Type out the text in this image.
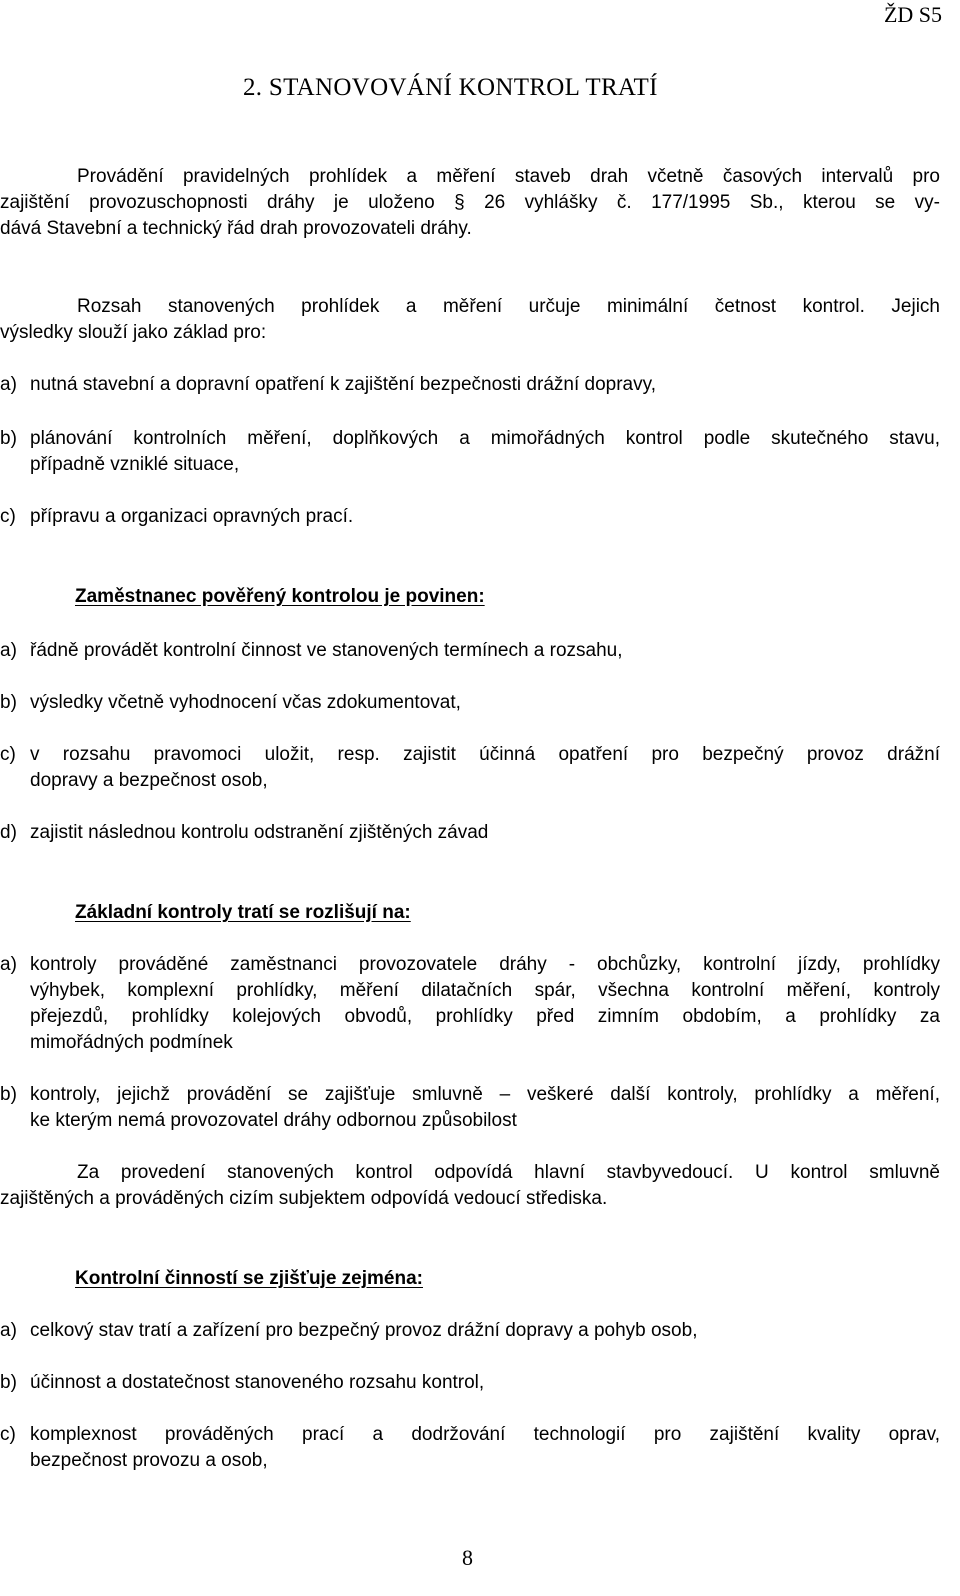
ŽD S5
2. STANOVOVÁNÍ KONTROL TRATÍ
Provádění pravidelných prohlídek a měření staveb drah včetně časových intervalů pro
zajištění provozuschopnosti dráhy je uloženo § 26 vyhlášky č. 177/1995 Sb., kterou se vy-
dává Stavební a technický řád drah provozovateli dráhy.
Rozsah stanovených prohlídek a měření určuje minimální četnost kontrol. Jejich
výsledky slouží jako základ pro:
a) nutná stavební a dopravní opatření k zajištění bezpečnosti drážní dopravy,
b) plánování kontrolních měření, doplňkových a mimořádných kontrol podle skutečného stavu,
případně vzniklé situace,
c) přípravu a organizaci opravných prací.
Zaměstnanec pověřený kontrolou je povinen:
a) řádně provádět kontrolní činnost ve stanovených termínech a rozsahu,
b) výsledky včetně vyhodnocení včas zdokumentovat,
c) v rozsahu pravomoci uložit, resp. zajistit účinná opatření pro bezpečný provoz drážní
dopravy a bezpečnost osob,
d) zajistit následnou kontrolu odstranění zjištěných závad
Základní kontroly tratí se rozlišují na:
a) kontroly prováděné zaměstnanci provozovatele dráhy - obchůzky, kontrolní jízdy, prohlídky
výhybek, komplexní prohlídky, měření dilatačních spár, všechna kontrolní měření, kontroly
přejezdů, prohlídky kolejových obvodů, prohlídky před zimním obdobím, a prohlídky za
mimořádných podmínek
b) kontroly, jejichž provádění se zajišťuje smluvně – veškeré další kontroly, prohlídky a měření,
ke kterým nemá provozovatel dráhy odbornou způsobilost
Za provedení stanovených kontrol odpovídá hlavní stavbyvedoucí. U kontrol smluvně
zajištěných a prováděných cizím subjektem odpovídá vedoucí střediska.
Kontrolní činností se zjišťuje zejména:
a) celkový stav tratí a zařízení pro bezpečný provoz drážní dopravy a pohyb osob,
b) účinnost a dostatečnost stanoveného rozsahu kontrol,
c) komplexnost prováděných prací a dodržování technologií pro zajištění kvality oprav,
bezpečnost provozu a osob,
8
